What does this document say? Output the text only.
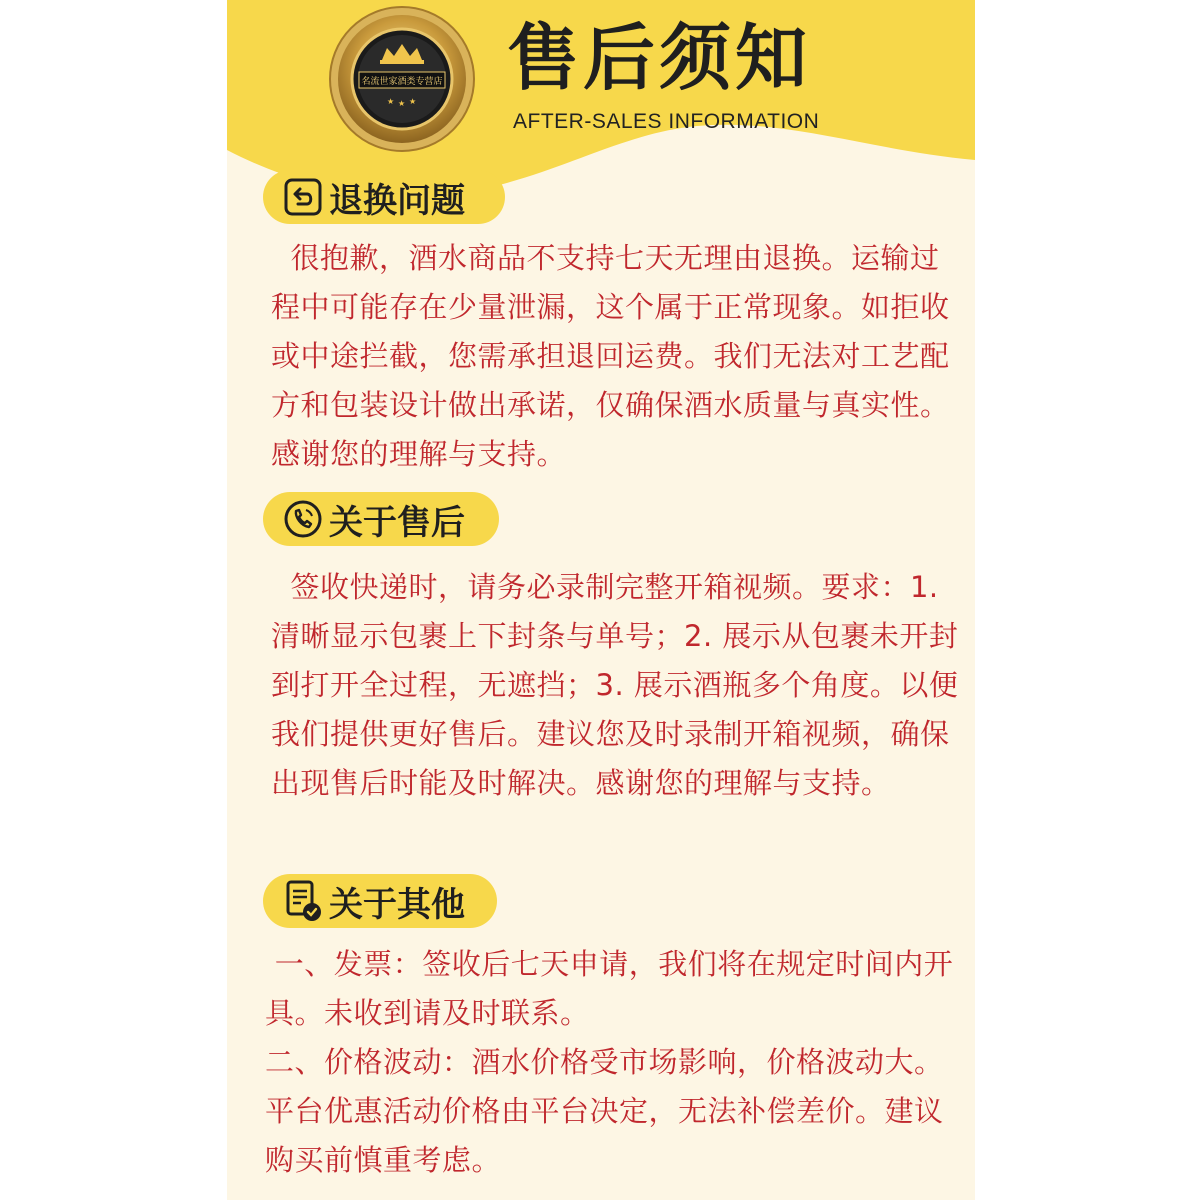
名流世家酒类专营店
★ ★ ★
售后须知
AFTER-SALES INFORMATION
退换问题

很抱歉，酒水商品不支持七天无理由退换。运输过程中可能存在少量泄漏，这个属于正常现象。如拒收或中途拦截，您需承担退回运费。我们无法对工艺配方和包装设计做出承诺，仅确保酒水质量与真实性。感谢您的理解与支持。

关于售后

签收快递时，请务必录制完整开箱视频。要求：1. 清晰显示包裹上下封条与单号；2. 展示从包裹未开封到打开全过程，无遮挡；3. 展示酒瓶多个角度。以便我们提供更好售后。建议您及时录制开箱视频，确保出现售后时能及时解决。感谢您的理解与支持。

关于其他

一、发票：签收后七天申请，我们将在规定时间内开具。未收到请及时联系。

二、价格波动：酒水价格受市场影响，价格波动大。平台优惠活动价格由平台决定，无法补偿差价。建议购买前慎重考虑。
